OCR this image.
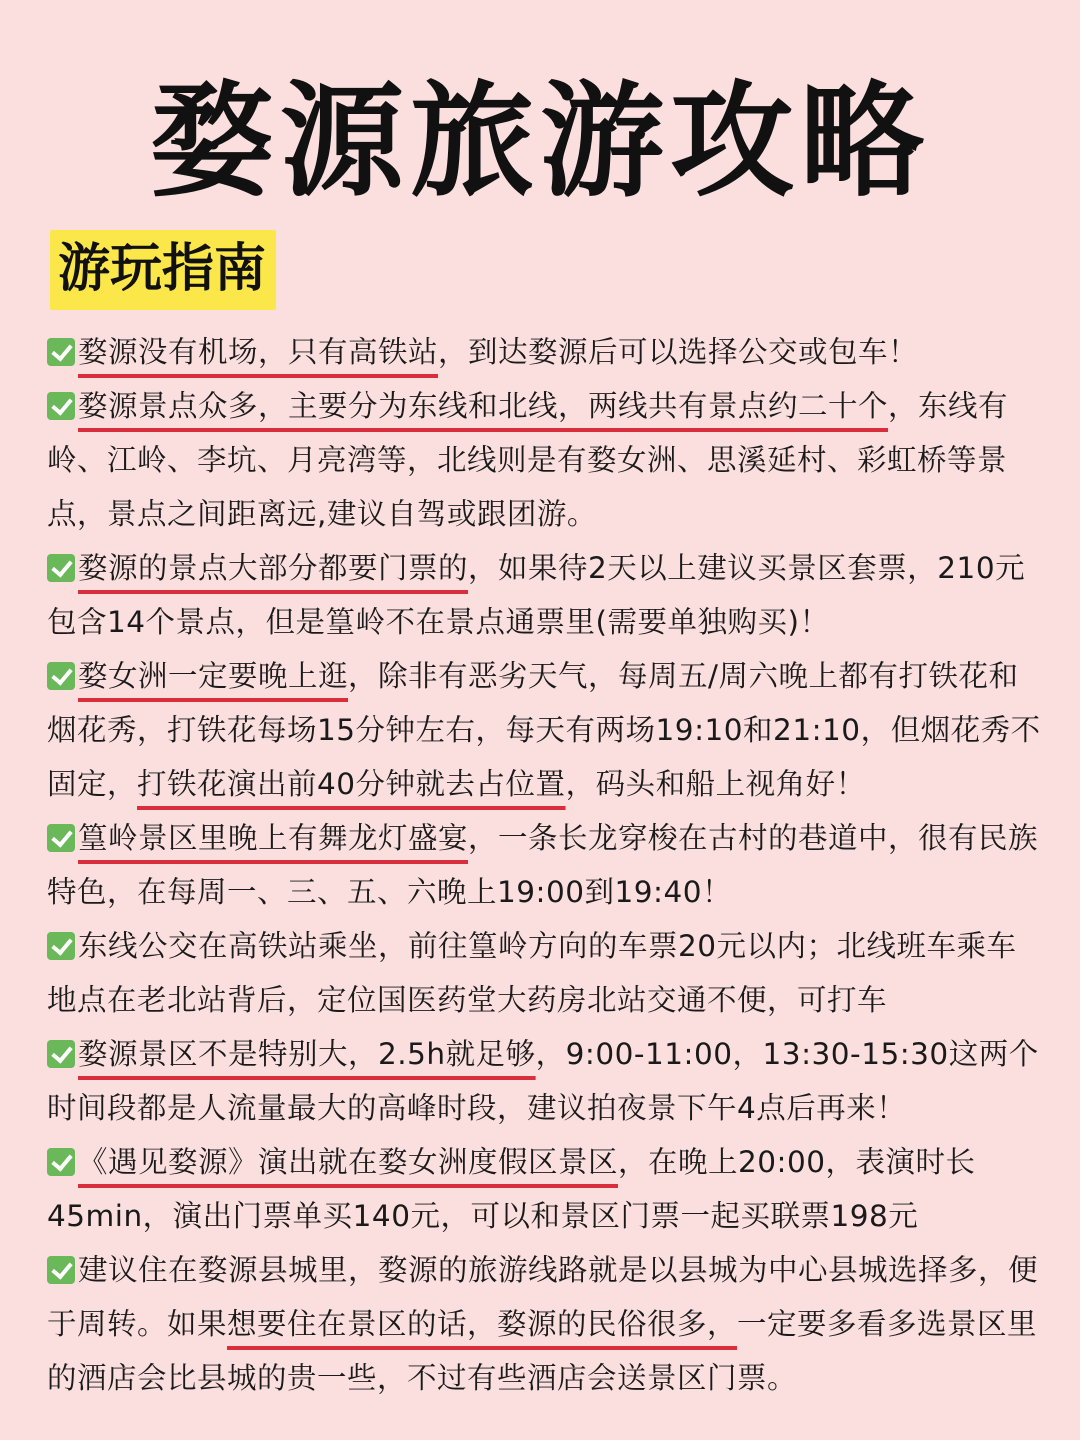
婺源旅游攻略
游玩指南

婺源没有机场，只有高铁站，到达婺源后可以选择公交或包车！

婺源景点众多，主要分为东线和北线，两线共有景点约二十个，东线有岭、江岭、李坑、月亮湾等，北线则是有婺女洲、思溪延村、彩虹桥等景点，景点之间距离远,建议自驾或跟团游。

婺源的景点大部分都要门票的，如果待2天以上建议买景区套票，210元包含14个景点，但是篁岭不在景点通票里(需要单独购买)！

婺女洲一定要晚上逛，除非有恶劣天气，每周五/周六晚上都有打铁花和烟花秀，打铁花每场15分钟左右，每天有两场19:10和21:10，但烟花秀不固定，打铁花演出前40分钟就去占位置，码头和船上视角好！

篁岭景区里晚上有舞龙灯盛宴，一条长龙穿梭在古村的巷道中，很有民族特色，在每周一、三、五、六晚上19:00到19:40！

东线公交在高铁站乘坐，前往篁岭方向的车票20元以内；北线班车乘车地点在老北站背后，定位国医药堂大药房北站交通不便，可打车

婺源景区不是特别大，2.5h就足够，9:00-11:00，13:30-15:30这两个时间段都是人流量最大的高峰时段，建议拍夜景下午4点后再来！

《遇见婺源》演出就在婺女洲度假区景区，在晚上20:00，表演时长45min，演出门票单买140元，可以和景区门票一起买联票198元

建议住在婺源县城里，婺源的旅游线路就是以县城为中心县城选择多，便于周转。如果想要住在景区的话，婺源的民俗很多，一定要多看多选景区里的酒店会比县城的贵一些，不过有些酒店会送景区门票。
